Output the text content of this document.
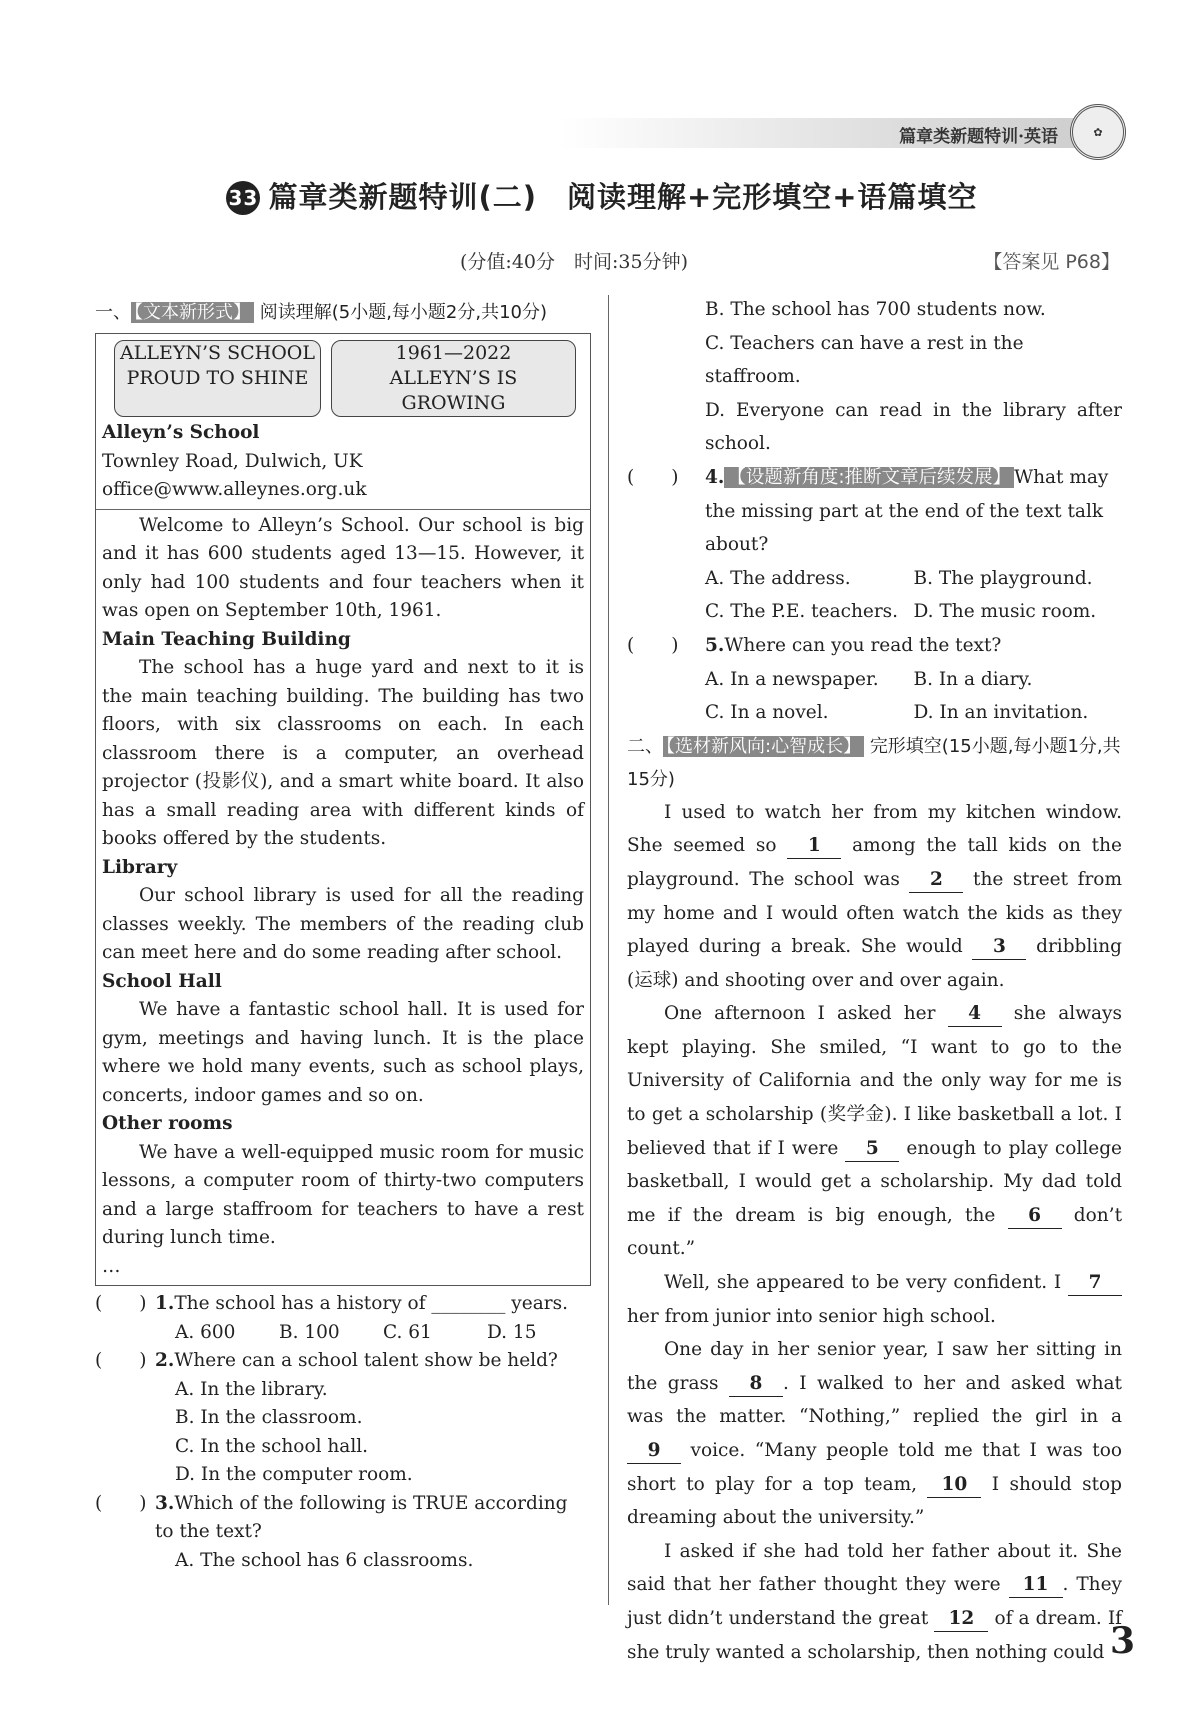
篇章类新题特训·英语	✿
33 篇章类新题特训(二)　阅读理解+完形填空+语篇填空
(分值:40分　时间:35分钟)	【答案见 P68】
一、 【文本新形式】 阅读理解(5小题,每小题2分,共10分)
ALLEYN’S SCHOOL
PROUD TO SHINE
1961—2022
ALLEYN’S IS GROWING
Alleyn’s School
Townley Road, Dulwich, UK
office@www.alleynes.org.uk

Welcome to Alleyn’s School. Our school is big and it has 600 students aged 13—15. However, it only had 100 students and four teachers when it was open on September 10th, 1961.

Main Teaching Building

The school has a huge yard and next to it is the main teaching building. The building has two floors, with six classrooms on each. In each classroom there is a computer, an overhead projector (投影仪), and a smart white board. It also has a small reading area with different kinds of books offered by the students.

Library

Our school library is used for all the reading classes weekly. The members of the reading club can meet here and do some reading after school.

School Hall

We have a fantastic school hall. It is used for gym, meetings and having lunch. It is the place where we hold many events, such as school plays, concerts, indoor games and so on.

Other rooms

We have a well-equipped music room for music lessons, a computer room of thirty-two computers and a large staffroom for teachers to have a rest during lunch time.

…
(　　) 1.The school has a history of ________ years.
A. 600	B. 100	C. 61	D. 15
(　　) 2.Where can a school talent show be held?
A. In the library.
B. In the classroom.
C. In the school hall.
D. In the computer room.
(　　) 3.Which of the following is TRUE according to the text?
A. The school has 6 classrooms.
B. The school has 700 students now.
C. Teachers can have a rest in the staffroom.
D. Everyone can read in the library after school.
(　　)	4. 【设题新角度:推断文章后续发展】 What may the missing part at the end of the text talk about?
A. The address.	B. The playground.
C. The P.E. teachers. D. The music room.
(　　)	5.Where can you read the text?
A. In a newspaper.	B. In a diary.
C. In a novel.	D. In an invitation.
二、 【选材新风向:心智成长】 完形填空(15小题,每小题1分,共15分)

I used to watch her from my kitchen window. She seemed so 1 among the tall kids on the playground. The school was 2 the street from my home and I would often watch the kids as they played during a break. She would 3 dribbling (运球) and shooting over and over again.

One afternoon I asked her 4 she always kept playing. She smiled, “I want to go to the University of California and the only way for me is to get a scholarship (奖学金). I like basketball a lot. I believed that if I were 5 enough to play college basketball, I would get a scholarship. My dad told me if the dream is big enough, the 6 don’t count.”

Well, she appeared to be very confident. I 7 her from junior into senior high school.

One day in her senior year, I saw her sitting in the grass 8 . I walked to her and asked what was the matter. “Nothing,” replied the girl in a 9 voice. “Many people told me that I was too short to play for a top team, 10 I should stop dreaming about the university.”

I asked if she had told her father about it. She said that her father thought they were 11 . They just didn’t understand the great 12 of a dream. If she truly wanted a scholarship, then nothing could 3
